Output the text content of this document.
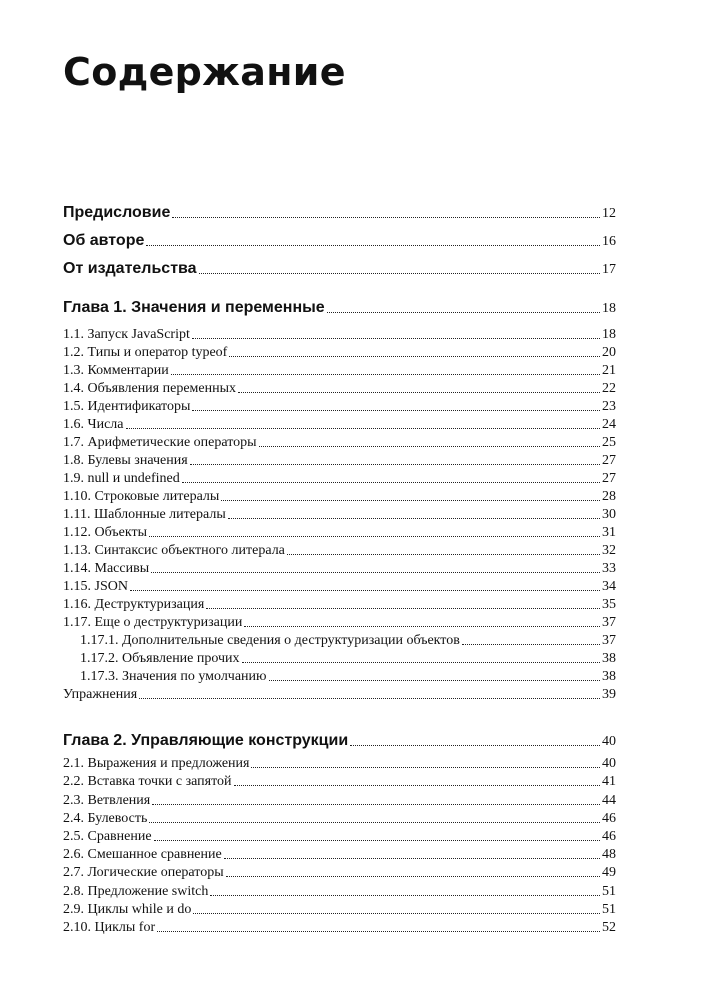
Содержание
Предисловие	12
Об авторе	16
От издательства	17
Глава 1. Значения и переменные	18
1.1. Запуск JavaScript	18
1.2. Типы и оператор typeof	20
1.3. Комментарии	21
1.4. Объявления переменных	22
1.5. Идентификаторы	23
1.6. Числа	24
1.7. Арифметические операторы	25
1.8. Булевы значения	27
1.9. null и undefined	27
1.10. Строковые литералы	28
1.11. Шаблонные литералы	30
1.12. Объекты	31
1.13. Синтаксис объектного литерала	32
1.14. Массивы	33
1.15. JSON	34
1.16. Деструктуризация	35
1.17. Еще о деструктуризации	37
1.17.1. Дополнительные сведения о деструктуризации объектов	37
1.17.2. Объявление прочих	38
1.17.3. Значения по умолчанию	38
Упражнения	39
Глава 2. Управляющие конструкции	40
2.1. Выражения и предложения	40
2.2. Вставка точки с запятой	41
2.3. Ветвления	44
2.4. Булевость	46
2.5. Сравнение	46
2.6. Смешанное сравнение	48
2.7. Логические операторы	49
2.8. Предложение switch	51
2.9. Циклы while и do	51
2.10. Циклы for	52
